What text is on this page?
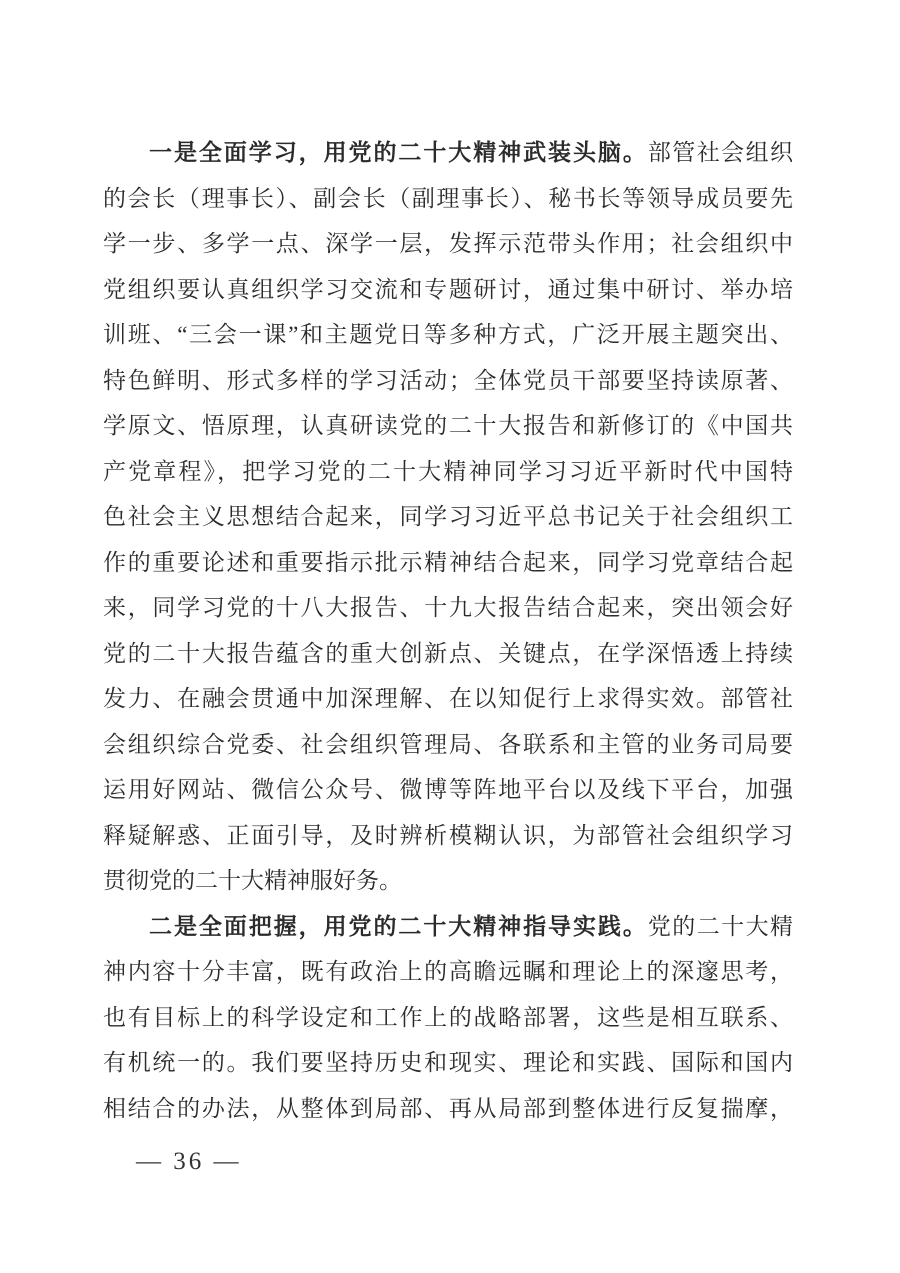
一是全面学习，用党的二十大精神武装头脑。部管社会组织
的会长（理事长）、副会长（副理事长）、秘书长等领导成员要先
学一步、多学一点、深学一层，发挥示范带头作用；社会组织中
党组织要认真组织学习交流和专题研讨，通过集中研讨、举办培
训班、“三会一课”和主题党日等多种方式，广泛开展主题突出、
特色鲜明、形式多样的学习活动；全体党员干部要坚持读原著、
学原文、悟原理，认真研读党的二十大报告和新修订的《中国共
产党章程》，把学习党的二十大精神同学习习近平新时代中国特
色社会主义思想结合起来，同学习习近平总书记关于社会组织工
作的重要论述和重要指示批示精神结合起来，同学习党章结合起
来，同学习党的十八大报告、十九大报告结合起来，突出领会好
党的二十大报告蕴含的重大创新点、关键点，在学深悟透上持续
发力、在融会贯通中加深理解、在以知促行上求得实效。部管社
会组织综合党委、社会组织管理局、各联系和主管的业务司局要
运用好网站、微信公众号、微博等阵地平台以及线下平台，加强
释疑解惑、正面引导，及时辨析模糊认识，为部管社会组织学习
贯彻党的二十大精神服好务。
二是全面把握，用党的二十大精神指导实践。党的二十大精
神内容十分丰富，既有政治上的高瞻远瞩和理论上的深邃思考，
也有目标上的科学设定和工作上的战略部署，这些是相互联系、
有机统一的。我们要坚持历史和现实、理论和实践、国际和国内
相结合的办法，从整体到局部、再从局部到整体进行反复揣摩，
— 36 —
